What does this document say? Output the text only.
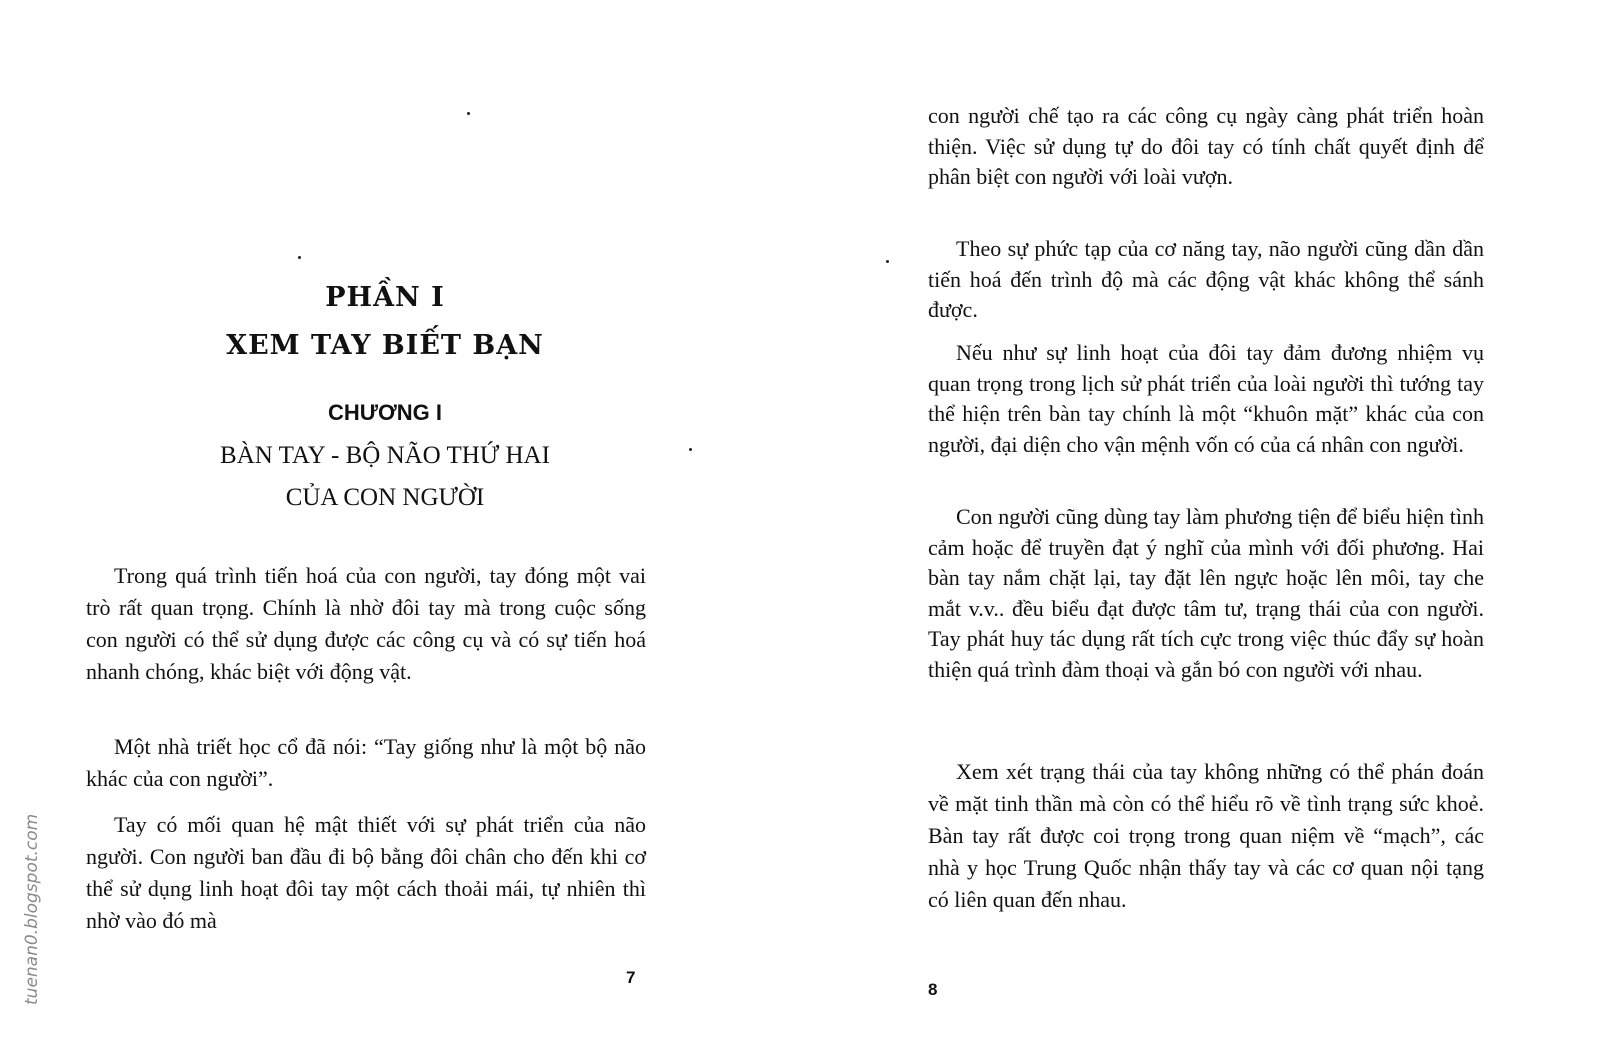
PHẦN I
XEM TAY BIẾT BẠN
CHƯƠNG I
BÀN TAY - BỘ NÃO THỨ HAI
CỦA CON NGƯỜI

Trong quá trình tiến hoá của con người, tay đóng một vai trò rất quan trọng. Chính là nhờ đôi tay mà trong cuộc sống con người có thể sử dụng được các công cụ và có sự tiến hoá nhanh chóng, khác biệt với động vật.

Một nhà triết học cổ đã nói: “Tay giống như là một bộ não khác của con người”.

Tay có mối quan hệ mật thiết với sự phát triển của não người. Con người ban đầu đi bộ bằng đôi chân cho đến khi cơ thể sử dụng linh hoạt đôi tay một cách thoải mái, tự nhiên thì nhờ vào đó mà

7
tuenan0.blogspot.com

con người chế tạo ra các công cụ ngày càng phát triển hoàn thiện. Việc sử dụng tự do đôi tay có tính chất quyết định để phân biệt con người với loài vượn.

Theo sự phức tạp của cơ năng tay, não người cũng dần dần tiến hoá đến trình độ mà các động vật khác không thể sánh được.

Nếu như sự linh hoạt của đôi tay đảm đương nhiệm vụ quan trọng trong lịch sử phát triển của loài người thì tướng tay thể hiện trên bàn tay chính là một “khuôn mặt” khác của con người, đại diện cho vận mệnh vốn có của cá nhân con người.

Con người cũng dùng tay làm phương tiện để biểu hiện tình cảm hoặc để truyền đạt ý nghĩ của mình với đối phương. Hai bàn tay nắm chặt lại, tay đặt lên ngực hoặc lên môi, tay che mắt v.v.. đều biểu đạt được tâm tư, trạng thái của con người. Tay phát huy tác dụng rất tích cực trong việc thúc đẩy sự hoàn thiện quá trình đàm thoại và gắn bó con người với nhau.

Xem xét trạng thái của tay không những có thể phán đoán về mặt tinh thần mà còn có thể hiểu rõ về tình trạng sức khoẻ. Bàn tay rất được coi trọng trong quan niệm về “mạch”, các nhà y học Trung Quốc nhận thấy tay và các cơ quan nội tạng có liên quan đến nhau.

8
